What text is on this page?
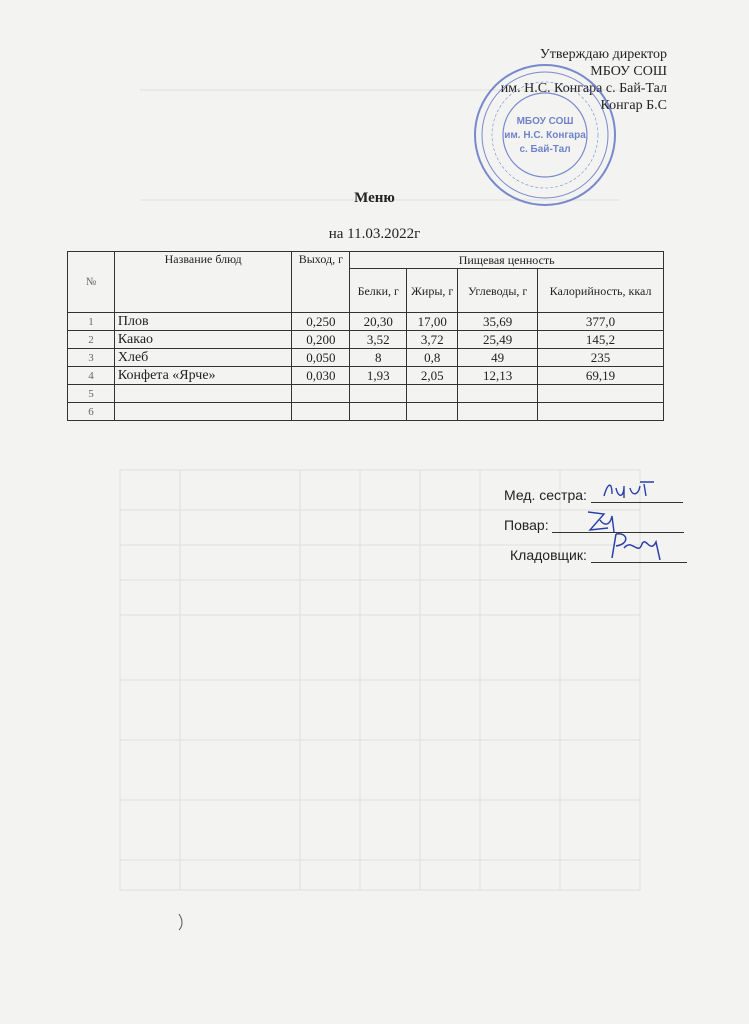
Утверждаю директор
МБОУ СОШ
им. Н.С. Конгара с. Бай-Тал
Конгар Б.С
МБОУ СОШ
им. Н.С. Конгара
с. Бай-Тал
Меню
на 11.03.2022г
№	Название блюд	Выход, г	Пищевая ценность			
			Белки, г	Жиры, г	Углеводы, г	Калорийность, ккал
1	Плов	0,250	20,30	17,00	35,69	377,0
2	Какао	0,200	3,52	3,72	25,49	145,2
3	Хлеб	0,050	8	0,8	49	235
4	Конфета «Ярче»	0,030	1,93	2,05	12,13	69,19
5						
6						
Мед. сестра:
Повар:
Кладовщик:
